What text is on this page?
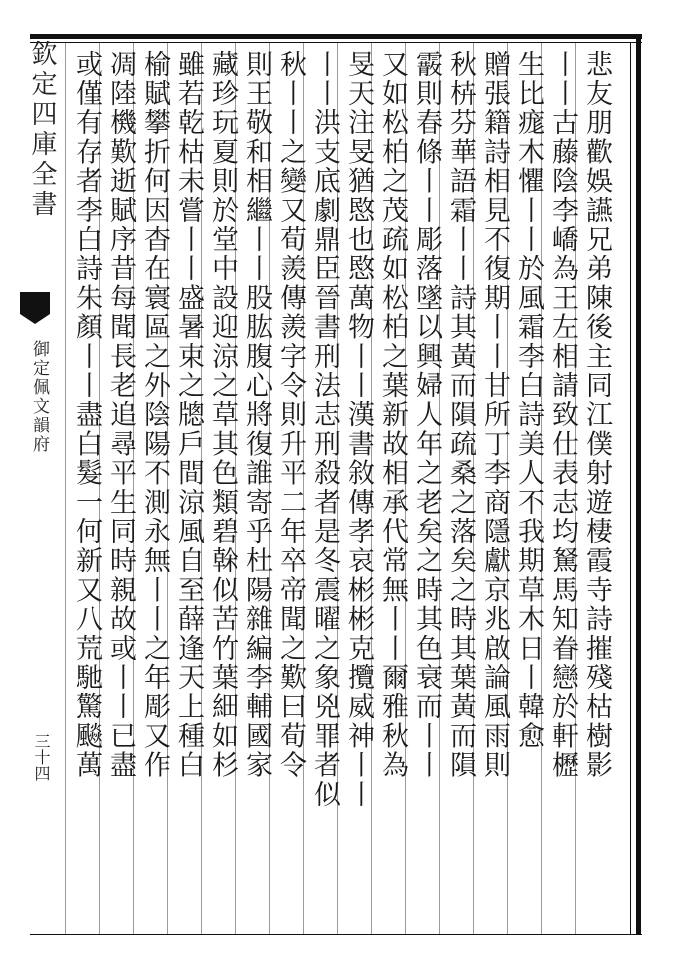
欽定四庫全書
御定佩文韻府
三十四	悲友朋歡娛讌兄弟陳後主同江僕射遊棲霞寺詩摧殘枯樹影
丨丨古藤陰李嶠為王左相請致仕表志均駑馬知眷戀於軒櫪
生比痝木懼丨丨於風霜李白詩美人不我期草木日丨韓愈
贈張籍詩相見不復期丨丨甘所丁李商隱獻京兆啟論風雨則
秋枿芬華語霜丨丨詩其黃而隕疏桑之落矣之時其葉黃而隕
霰則春條丨丨彫落墜以興婦人年之老矣之時其色衰而丨丨
又如松柏之茂疏如松柏之葉新故相承代常無丨丨爾雅秋為
旻天注旻猶愍也愍萬物丨丨漢書敘傳孝哀彬彬克攬威神丨丨
丨丨洪支底劇鼎臣晉書刑法志刑殺者是冬震曜之象兇罪者似
秋丨丨之變又荀羨傳羨字令則升平二年卒帝聞之歎曰荀令
則王敬和相繼丨丨股肱腹心將復誰寄乎杜陽雜編李輔國家
藏珍玩夏則於堂中設迎涼之草其色類碧榦似苦竹葉細如杉
雖若乾枯未嘗丨丨盛暑束之牕戶間涼風自至薛逢天上種白
榆賦攀折何因杳在寰區之外陰陽不測永無丨丨之年彫又作
凋陸機歎逝賦序昔每聞長老追尋平生同時親故或丨丨已盡
或僅有存者李白詩朱顏丨丨盡白髮一何新又八荒馳驚飈萬
